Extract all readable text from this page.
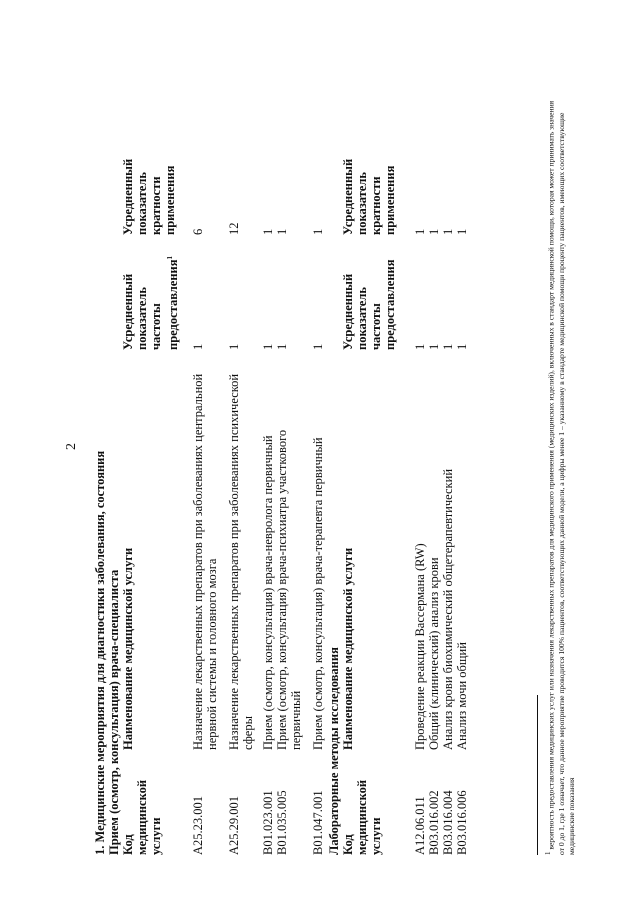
2
1. Медицинские мероприятия для диагностики заболевания, состояния Прием (осмотр, консультация) врача-специалиста Код медицинской услуги
Наименование медицинской услуги
Усредненный показатель частоты предоставления$^1$
Усредненный показатель кратности применения
A25.23.001
Назначение лекарственных препаратов при заболеваниях центральной нервной системы и головного мозга
1
6
A25.29.001
Назначение лекарственных препаратов при заболеваниях психической сферы
1
12
B01.023.001
Прием (осмотр, консультация) врача-невролога первичный
1
1
B01.035.005
Прием (осмотр, консультация) врача-психиатра участкового первичный
1
1
B01.047.001
Прием (осмотр, консультация) врача-терапевта первичный
1
1
Лабораторные методы исследования Код медицинской услуги
Наименование медицинской услуги
Усредненный показатель частоты предоставления
Усредненный показатель кратности применения
A12.06.011
Проведение реакции Вассермана (RW)
1
1
B03.016.002
Общий (клинический) анализ крови
1
1
B03.016.004
Анализ крови биохимический общетерапевтический
1
1
B03.016.006
Анализ мочи общий
1
1
$^1$ вероятность предоставления медицинских услуг или назначения лекарственных препаратов для медицинского применения (медицинских изделий), включенных в стандарт медицинской помощи, которая может принимать значения от 0 до 1, где 1 означает, что данное мероприятие проводится 100% пациентов, соответствующих данной модели, а цифры менее 1 – указанному в стандарте медицинской помощи проценту пациентов, имеющих соответствующие медицинские показания
